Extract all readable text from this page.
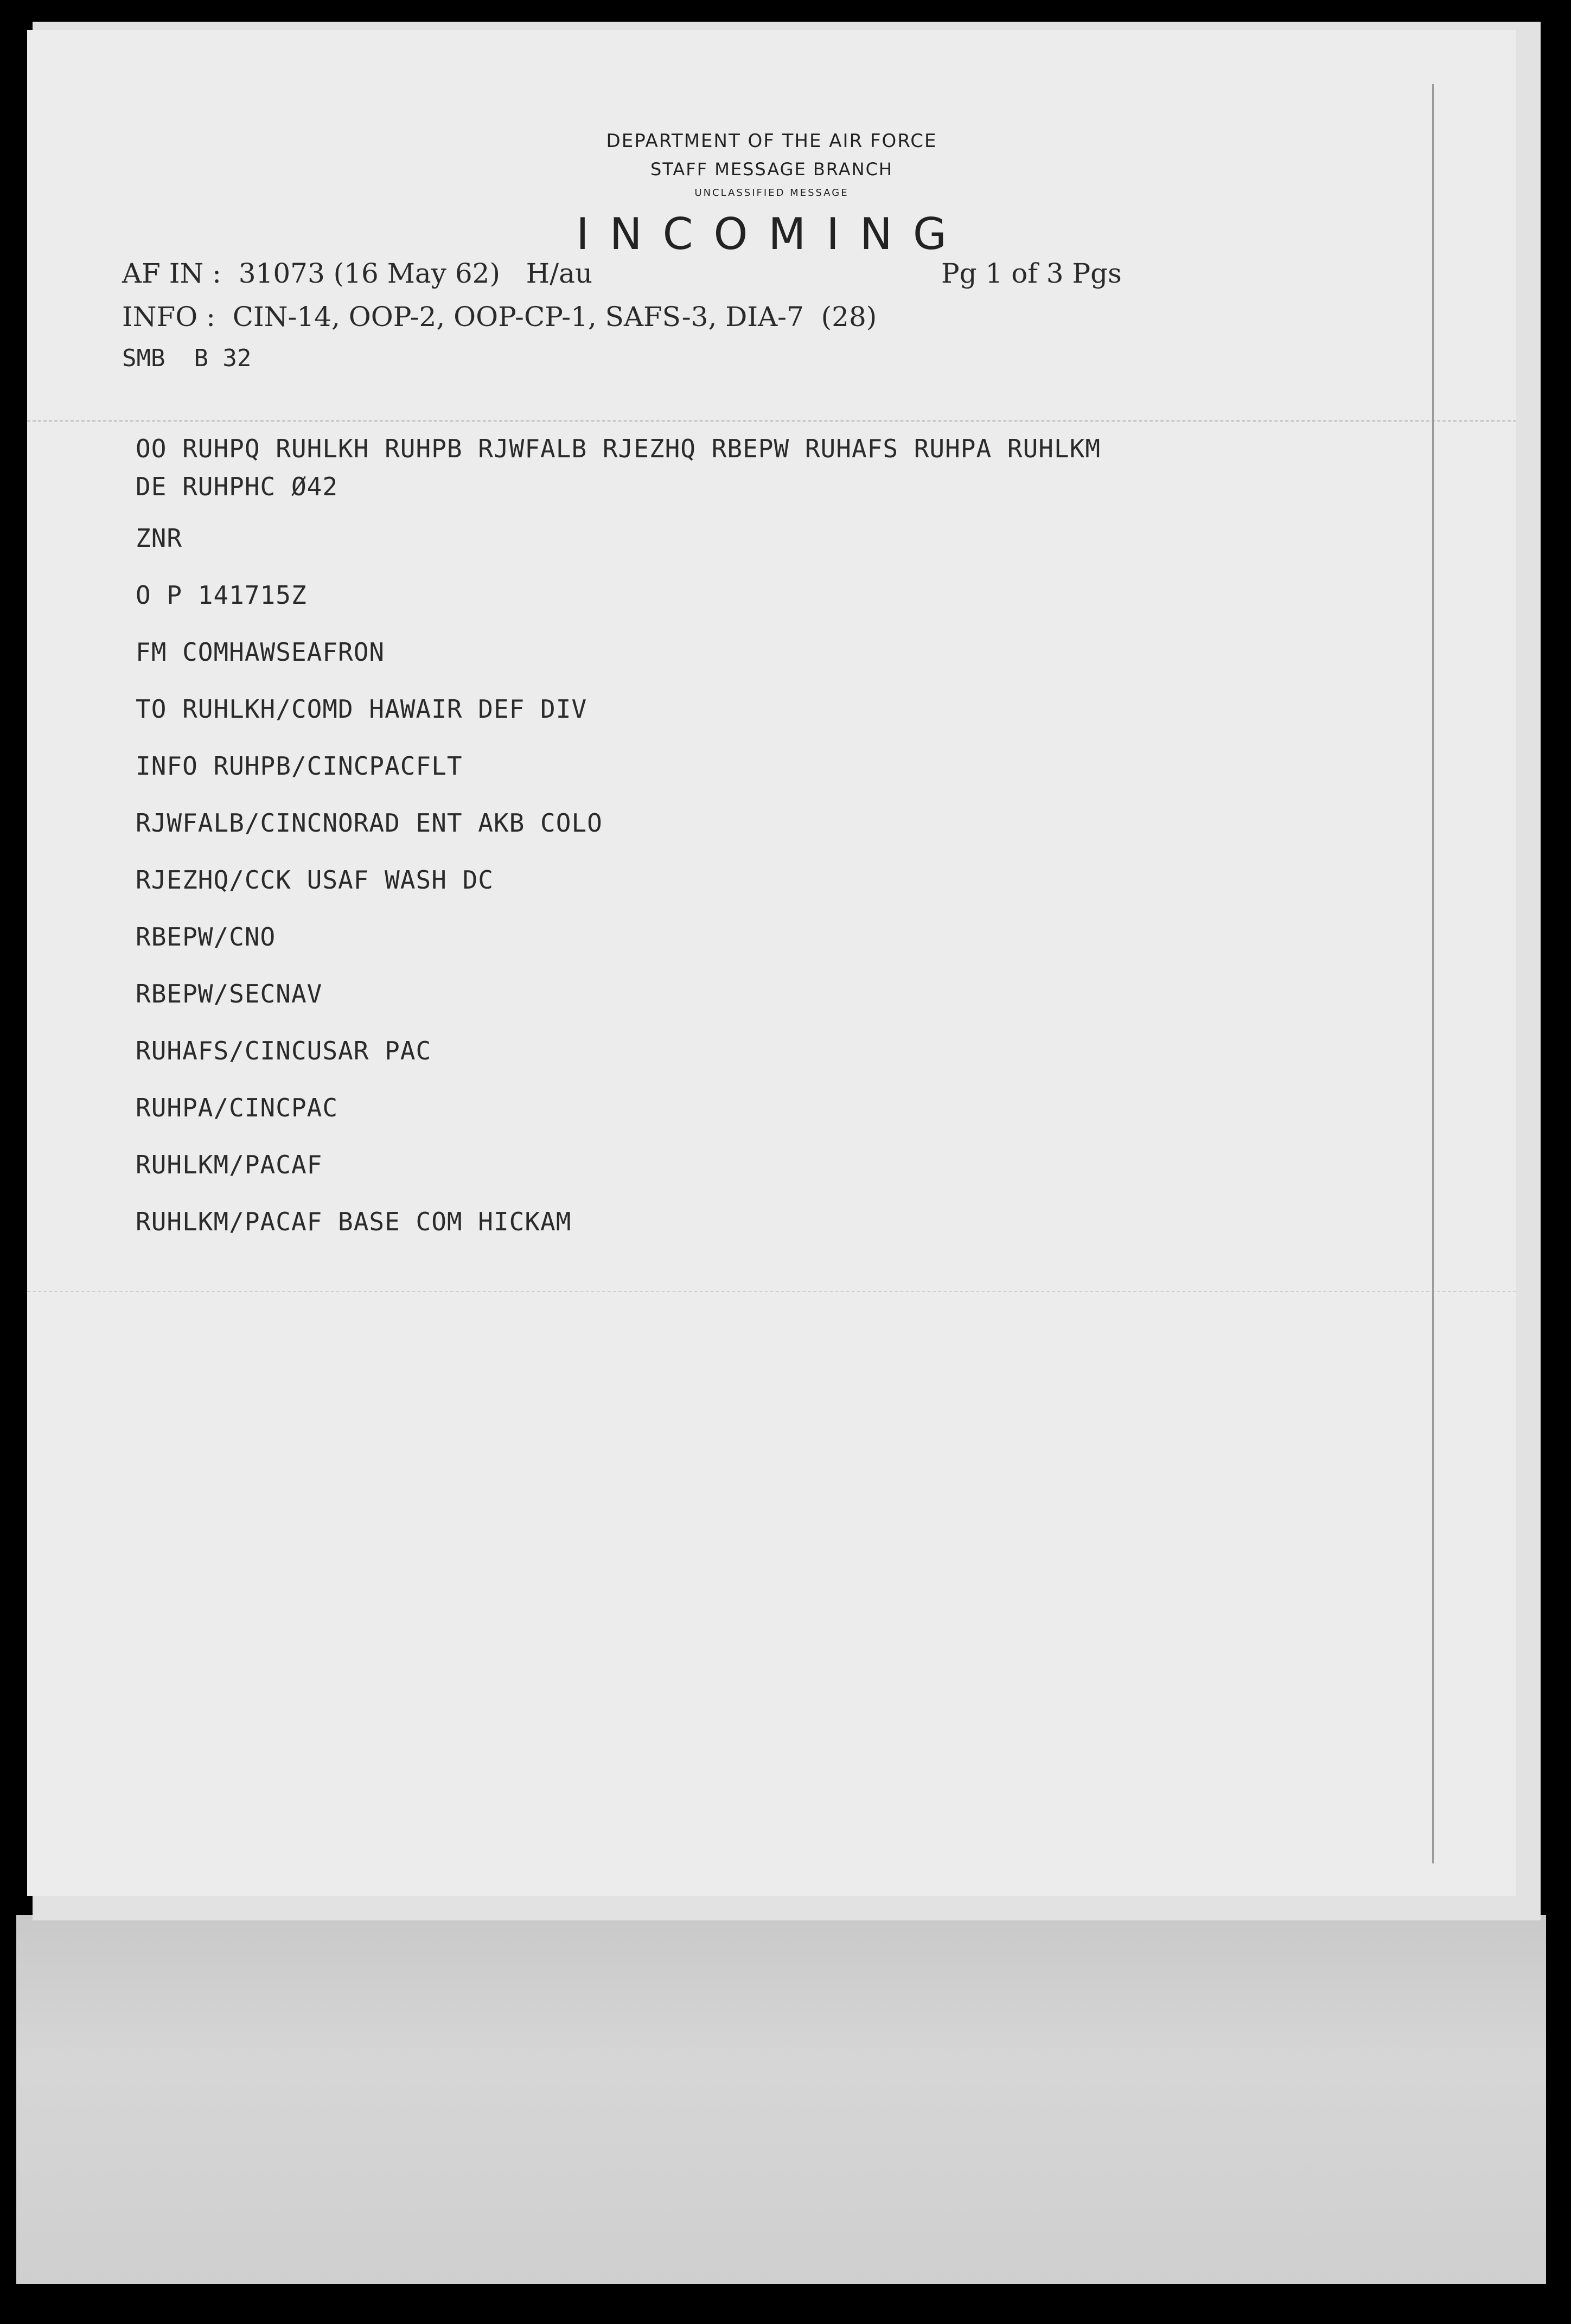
DEPARTMENT OF THE AIR FORCE
STAFF MESSAGE BRANCH
UNCLASSIFIED MESSAGE
INCOMING
AF IN :  31073 (16 May 62)   H/au	Pg 1 of 3 Pgs
INFO :  CIN-14, OOP-2, OOP-CP-1, SAFS-3, DIA-7  (28)
SMB  B 32
OO RUHPQ RUHLKH RUHPB RJWFALB RJEZHQ RBEPW RUHAFS RUHPA RUHLKM
DE RUHPHC Ø42
ZNR
O P 141715Z
FM COMHAWSEAFRON
TO RUHLKH/COMD HAWAIR DEF DIV
INFO RUHPB/CINCPACFLT
RJWFALB/CINCNORAD ENT AKB COLO
RJEZHQ/CCK USAF WASH DC
RBEPW/CNO
RBEPW/SECNAV
RUHAFS/CINCUSAR PAC
RUHPA/CINCPAC
RUHLKM/PACAF
RUHLKM/PACAF BASE COM HICKAM
